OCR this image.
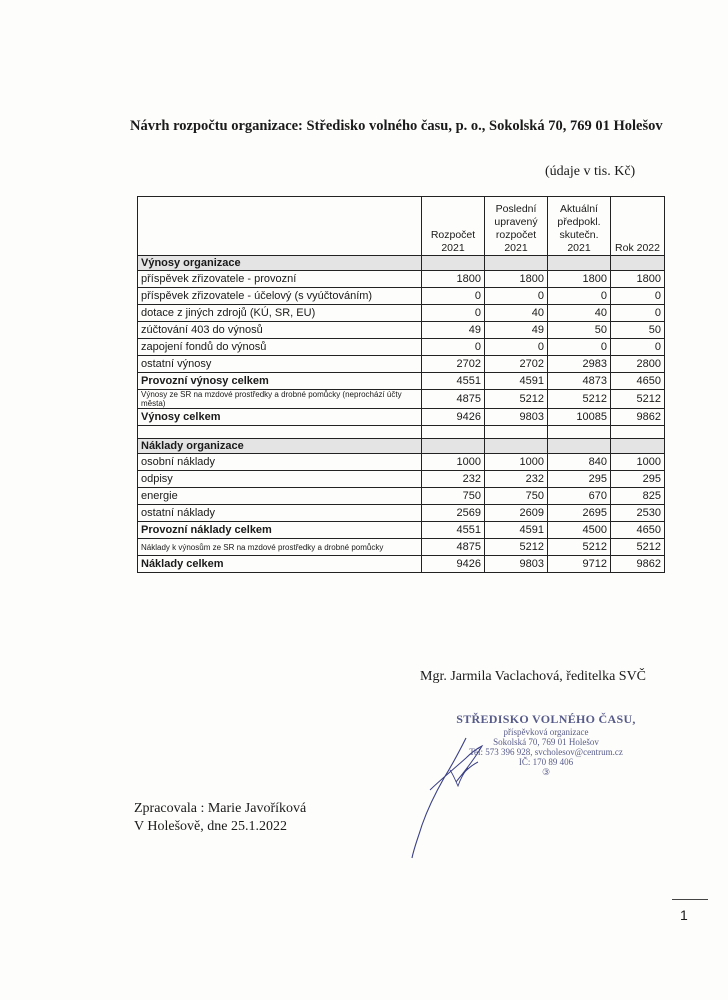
Návrh rozpočtu organizace: Středisko volného času, p. o., Sokolská 70, 769 01 Holešov
(údaje v tis. Kč)
	Rozpočet 2021	Poslední upravený rozpočet 2021	Aktuální předpokl. skutečn. 2021	Rok 2022
Výnosy organizace				
příspěvek zřizovatele - provozní	1800	1800	1800	1800
příspěvek zřizovatele - účelový (s vyúčtováním)	0	0	0	0
dotace z jiných zdrojů (KÚ, SR, EU)	0	40	40	0
zúčtování 403 do výnosů	49	49	50	50
zapojení fondů do výnosů	0	0	0	0
ostatní výnosy	2702	2702	2983	2800
Provozní výnosy celkem	4551	4591	4873	4650
Výnosy ze SR na mzdové prostředky a drobné pomůcky (neprochází účty města)	4875	5212	5212	5212
Výnosy celkem	9426	9803	10085	9862

Náklady organizace				
osobní náklady	1000	1000	840	1000
odpisy	232	232	295	295
energie	750	750	670	825
ostatní náklady	2569	2609	2695	2530
Provozní náklady celkem	4551	4591	4500	4650
Náklady k výnosům ze SR na mzdové prostředky a drobné pomůcky	4875	5212	5212	5212
Náklady celkem	9426	9803	9712	9862
Mgr. Jarmila Vaclachová, ředitelka SVČ
STŘEDISKO VOLNÉHO ČASU,
příspěvková organizace
Sokolská 70, 769 01 Holešov
Tel: 573 396 928, svcholesov@centrum.cz
IČ: 170 89 406
③
Zpracovala : Marie Javoříková
V Holešově, dne 25.1.2022
1
